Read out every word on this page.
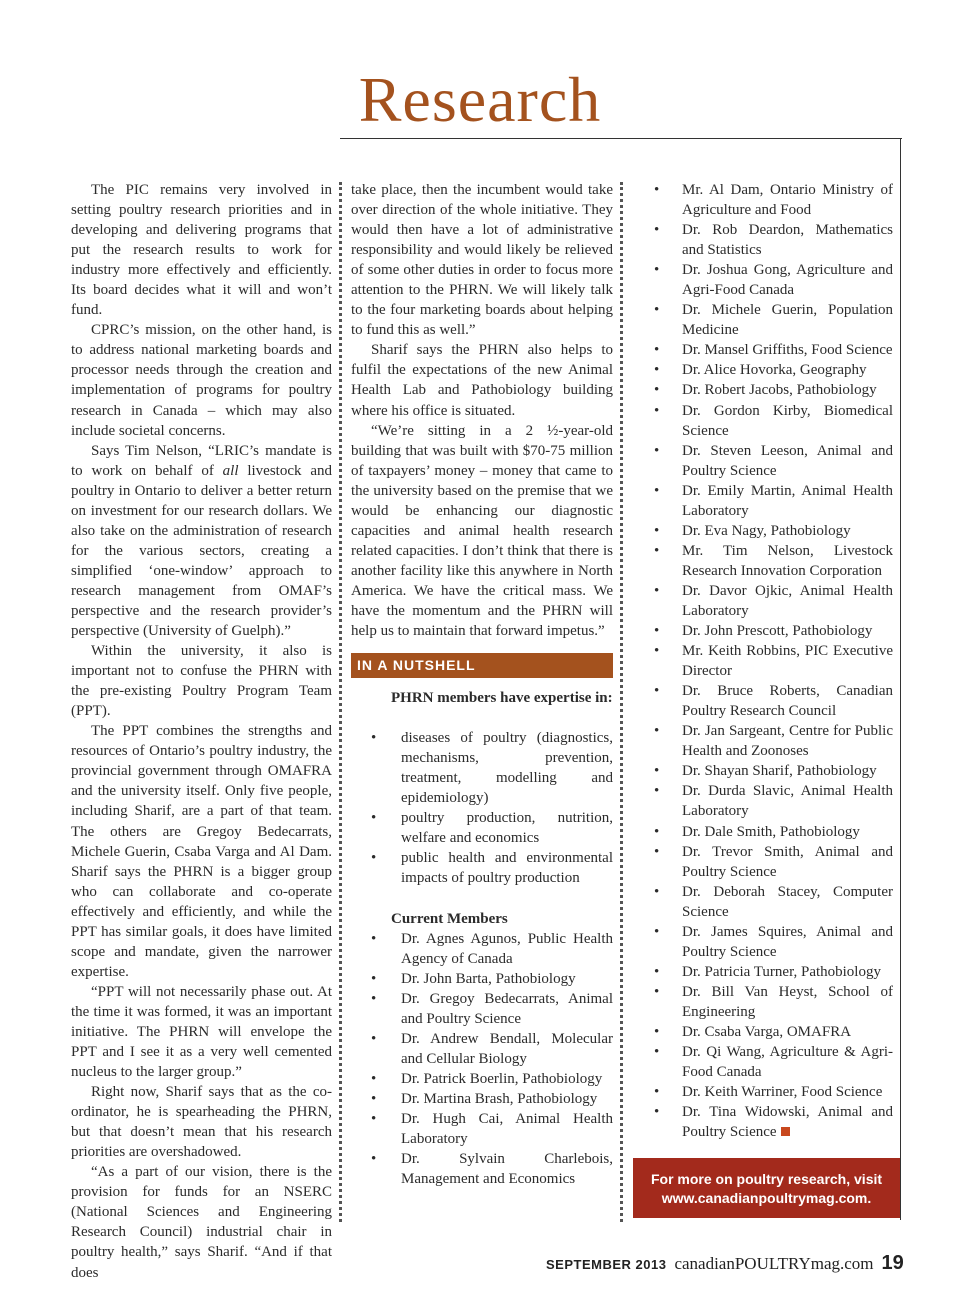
Research

The PIC remains very involved in setting poultry research priorities and in developing and delivering programs that put the research results to work for industry more effectively and efficiently. Its board decides what it will and won’t fund.

CPRC’s mission, on the other hand, is to address national marketing boards and processor needs through the creation and implementation of programs for poultry research in Canada – which may also include societal concerns.

Says Tim Nelson, “LRIC’s mandate is to work on behalf of all livestock and poultry in Ontario to deliver a better return on investment for our research dollars. We also take on the administration of research for the various sectors, creating a simplified ‘one-window’ approach to research management from OMAF’s perspective and the research provider’s perspective (University of Guelph).”

Within the university, it also is important not to confuse the PHRN with the pre-existing Poultry Program Team (PPT).

The PPT combines the strengths and resources of Ontario’s poultry industry, the provincial government through OMAFRA and the university itself. Only five people, including Sharif, are a part of that team. The others are Gregoy Bedecarrats, Michele Guerin, Csaba Varga and Al Dam. Sharif says the PHRN is a bigger group who can collaborate and co-operate effectively and efficiently, and while the PPT has similar goals, it does have limited scope and mandate, given the narrower expertise.

“PPT will not necessarily phase out. At the time it was formed, it was an important initiative. The PHRN will envelope the PPT and I see it as a very well cemented nucleus to the larger group.”

Right now, Sharif says that as the co-ordinator, he is spearheading the PHRN, but that doesn’t mean that his research priorities are overshadowed.

“As a part of our vision, there is the provision for funds for an NSERC (National Sciences and Engineering Research Council) industrial chair in poultry health,” says Sharif. “And if that does

take place, then the incumbent would take over direction of the whole initiative. They would then have a lot of administrative responsibility and would likely be relieved of some other duties in order to focus more attention to the PHRN. We will likely talk to the four marketing boards about helping to fund this as well.”

Sharif says the PHRN also helps to fulfil the expectations of the new Animal Health Lab and Pathobiology building where his office is situated.

“We’re sitting in a 2 ½-year-old building that was built with $70-75 million of taxpayers’ money – money that came to the university based on the premise that we would be enhancing our diagnostic capacities and animal health research related capacities. I don’t think that there is another facility like this anywhere in North America. We have the critical mass. We have the momentum and the PHRN will help us to maintain that forward impetus.”

IN A NUTSHELL

PHRN members have expertise in:

• diseases of poultry (diagnostics, mechanisms, prevention, treatment, modelling and epidemiology)
• poultry production, nutrition, welfare and economics
• public health and environmental impacts of poultry production

Current Members

• Dr. Agnes Agunos, Public Health Agency of Canada
• Dr. John Barta, Pathobiology
• Dr. Gregoy Bedecarrats, Animal and Poultry Science
• Dr. Andrew Bendall, Molecular and Cellular Biology
• Dr. Patrick Boerlin, Pathobiology
• Dr. Martina Brash, Pathobiology
• Dr. Hugh Cai, Animal Health Laboratory
• Dr. Sylvain Charlebois, Management and Economics
• Mr. Al Dam, Ontario Ministry of Agriculture and Food
• Dr. Rob Deardon, Mathematics and Statistics
• Dr. Joshua Gong, Agriculture and Agri-Food Canada
• Dr. Michele Guerin, Population Medicine
• Dr. Mansel Griffiths, Food Science
• Dr. Alice Hovorka, Geography
• Dr. Robert Jacobs, Pathobiology
• Dr. Gordon Kirby, Biomedical Science
• Dr. Steven Leeson, Animal and Poultry Science
• Dr. Emily Martin, Animal Health Laboratory
• Dr. Eva Nagy, Pathobiology
• Mr. Tim Nelson, Livestock Research Innovation Corporation
• Dr. Davor Ojkic, Animal Health Laboratory
• Dr. John Prescott, Pathobiology
• Mr. Keith Robbins, PIC Executive Director
• Dr. Bruce Roberts, Canadian Poultry Research Council
• Dr. Jan Sargeant, Centre for Public Health and Zoonoses
• Dr. Shayan Sharif, Pathobiology
• Dr. Durda Slavic, Animal Health Laboratory
• Dr. Dale Smith, Pathobiology
• Dr. Trevor Smith, Animal and Poultry Science
• Dr. Deborah Stacey, Computer Science
• Dr. James Squires, Animal and Poultry Science
• Dr. Patricia Turner, Pathobiology
• Dr. Bill Van Heyst, School of Engineering
• Dr. Csaba Varga, OMAFRA
• Dr. Qi Wang, Agriculture & Agri-Food Canada
• Dr. Keith Warriner, Food Science
• Dr. Tina Widowski, Animal and Poultry Science
For more on poultry research, visit
www.canadianpoultrymag.com.
SEPTEMBER 2013 canadianPOULTRYmag.com 19
